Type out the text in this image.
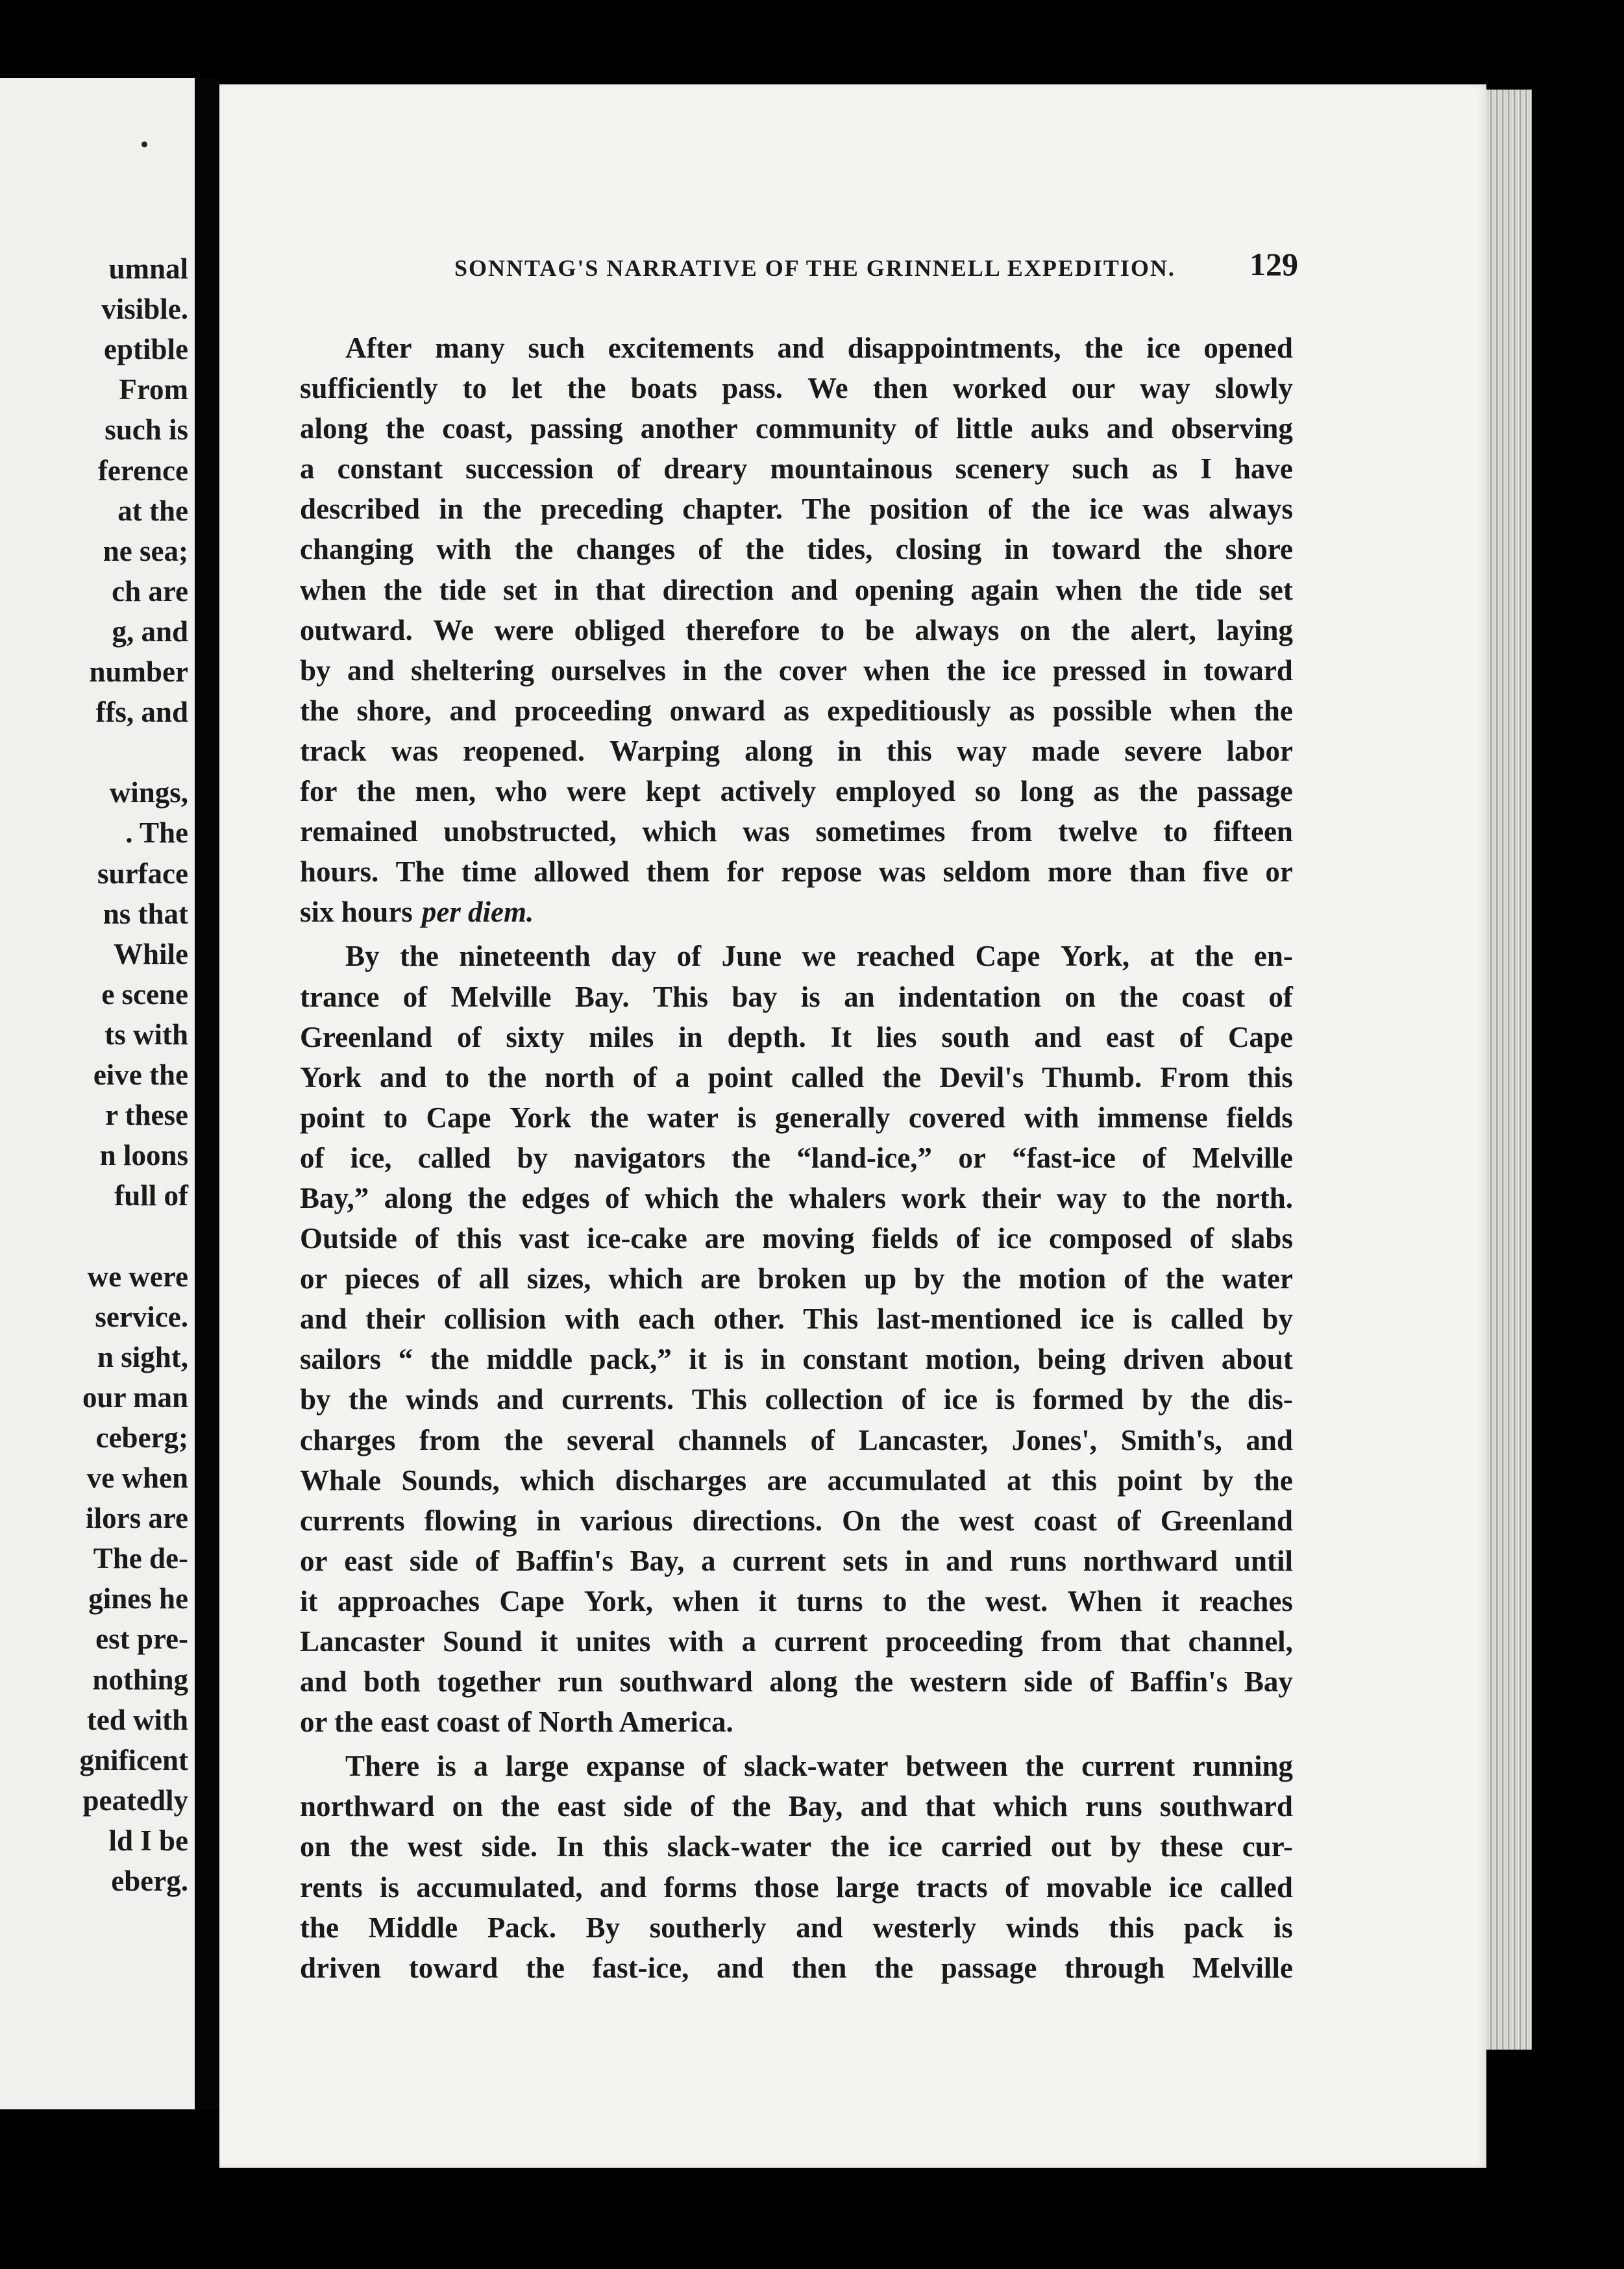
umnal
visible.
eptible
From
such is
ference
at the
ne sea;
ch are
g, and
number
ffs, and
wings,
. The
surface
ns that
While
e scene
ts with
eive the
r these
n loons
full of
we were
service.
n sight,
our man
ceberg;
ve when
ilors are
The de-
gines he
est pre-
nothing
ted with
gnificent
peatedly
ld I be
eberg.
SONNTAG'S NARRATIVE OF THE GRINNELL EXPEDITION. 129
After many such excitements and disappointments, the ice opened
sufficiently to let the boats pass. We then worked our way slowly
along the coast, passing another community of little auks and observing
a constant succession of dreary mountainous scenery such as I have
described in the preceding chapter. The position of the ice was always
changing with the changes of the tides, closing in toward the shore
when the tide set in that direction and opening again when the tide set
outward. We were obliged therefore to be always on the alert, laying
by and sheltering ourselves in the cover when the ice pressed in toward
the shore, and proceeding onward as expeditiously as possible when the
track was reopened. Warping along in this way made severe labor
for the men, who were kept actively employed so long as the passage
remained unobstructed, which was sometimes from twelve to fifteen
hours. The time allowed them for repose was seldom more than five or
six hours per diem.
By the nineteenth day of June we reached Cape York, at the en-
trance of Melville Bay. This bay is an indentation on the coast of
Greenland of sixty miles in depth. It lies south and east of Cape
York and to the north of a point called the Devil's Thumb. From this
point to Cape York the water is generally covered with immense fields
of ice, called by navigators the “land-ice,” or “fast-ice of Melville
Bay,” along the edges of which the whalers work their way to the north.
Outside of this vast ice-cake are moving fields of ice composed of slabs
or pieces of all sizes, which are broken up by the motion of the water
and their collision with each other. This last-mentioned ice is called by
sailors “ the middle pack,” it is in constant motion, being driven about
by the winds and currents. This collection of ice is formed by the dis-
charges from the several channels of Lancaster, Jones', Smith's, and
Whale Sounds, which discharges are accumulated at this point by the
currents flowing in various directions. On the west coast of Greenland
or east side of Baffin's Bay, a current sets in and runs northward until
it approaches Cape York, when it turns to the west. When it reaches
Lancaster Sound it unites with a current proceeding from that channel,
and both together run southward along the western side of Baffin's Bay
or the east coast of North America.
There is a large expanse of slack-water between the current running
northward on the east side of the Bay, and that which runs southward
on the west side. In this slack-water the ice carried out by these cur-
rents is accumulated, and forms those large tracts of movable ice called
the Middle Pack. By southerly and westerly winds this pack is
driven toward the fast-ice, and then the passage through Melville
